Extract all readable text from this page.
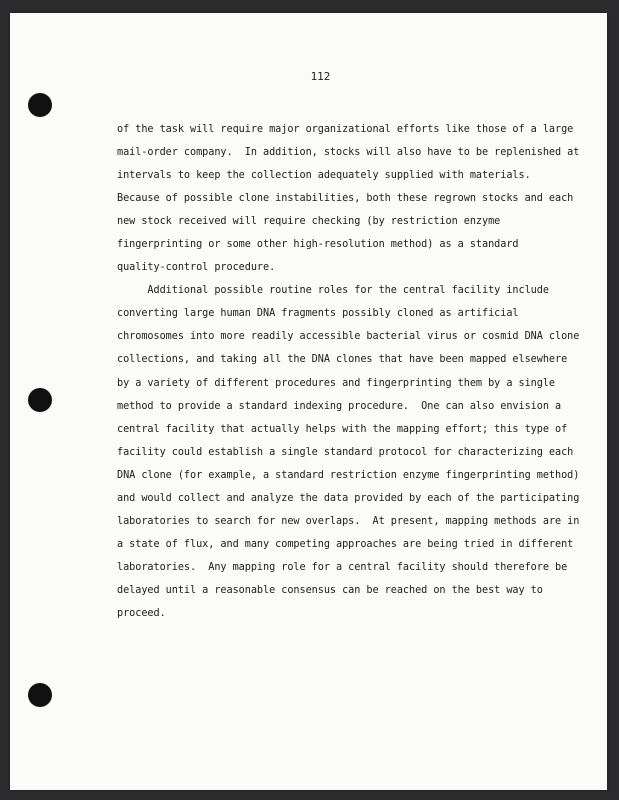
112
of the task will require major organizational efforts like those of a large
mail-order company.  In addition, stocks will also have to be replenished at
intervals to keep the collection adequately supplied with materials.
Because of possible clone instabilities, both these regrown stocks and each
new stock received will require checking (by restriction enzyme
fingerprinting or some other high-resolution method) as a standard
quality-control procedure.
Additional possible routine roles for the central facility include
converting large human DNA fragments possibly cloned as artificial
chromosomes into more readily accessible bacterial virus or cosmid DNA clone
collections, and taking all the DNA clones that have been mapped elsewhere
by a variety of different procedures and fingerprinting them by a single
method to provide a standard indexing procedure.  One can also envision a
central facility that actually helps with the mapping effort; this type of
facility could establish a single standard protocol for characterizing each
DNA clone (for example, a standard restriction enzyme fingerprinting method)
and would collect and analyze the data provided by each of the participating
laboratories to search for new overlaps.  At present, mapping methods are in
a state of flux, and many competing approaches are being tried in different
laboratories.  Any mapping role for a central facility should therefore be
delayed until a reasonable consensus can be reached on the best way to
proceed.
